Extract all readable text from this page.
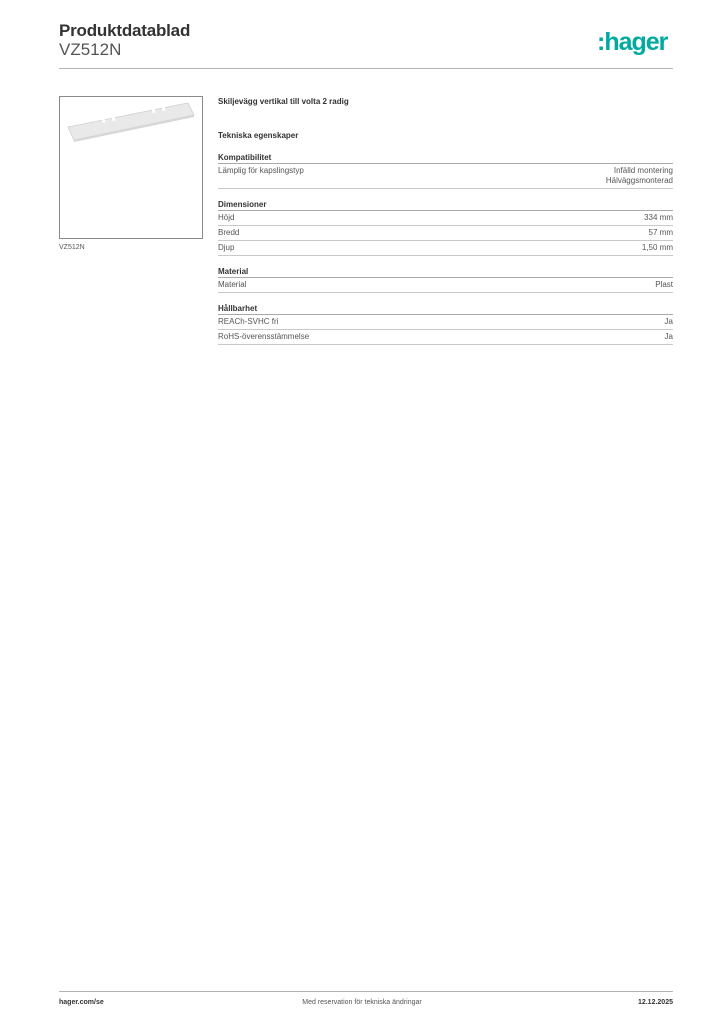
Produktdatablad
VZ512N	:hager
VZ512N
Skiljevägg vertikal till volta 2 radig
Tekniska egenskaper
Kompatibilitet
Lämplig för kapslingstyp	Infälld montering
Hälväggsmonterad
Dimensioner
Höjd	334 mm
Bredd	57 mm
Djup	1,50 mm
Material
Material	Plast
Hållbarhet
REACh-SVHC fri	Ja
RoHS-överensstämmelse	Ja
hager.com/se	Med reservation för tekniska ändringar	12.12.2025
